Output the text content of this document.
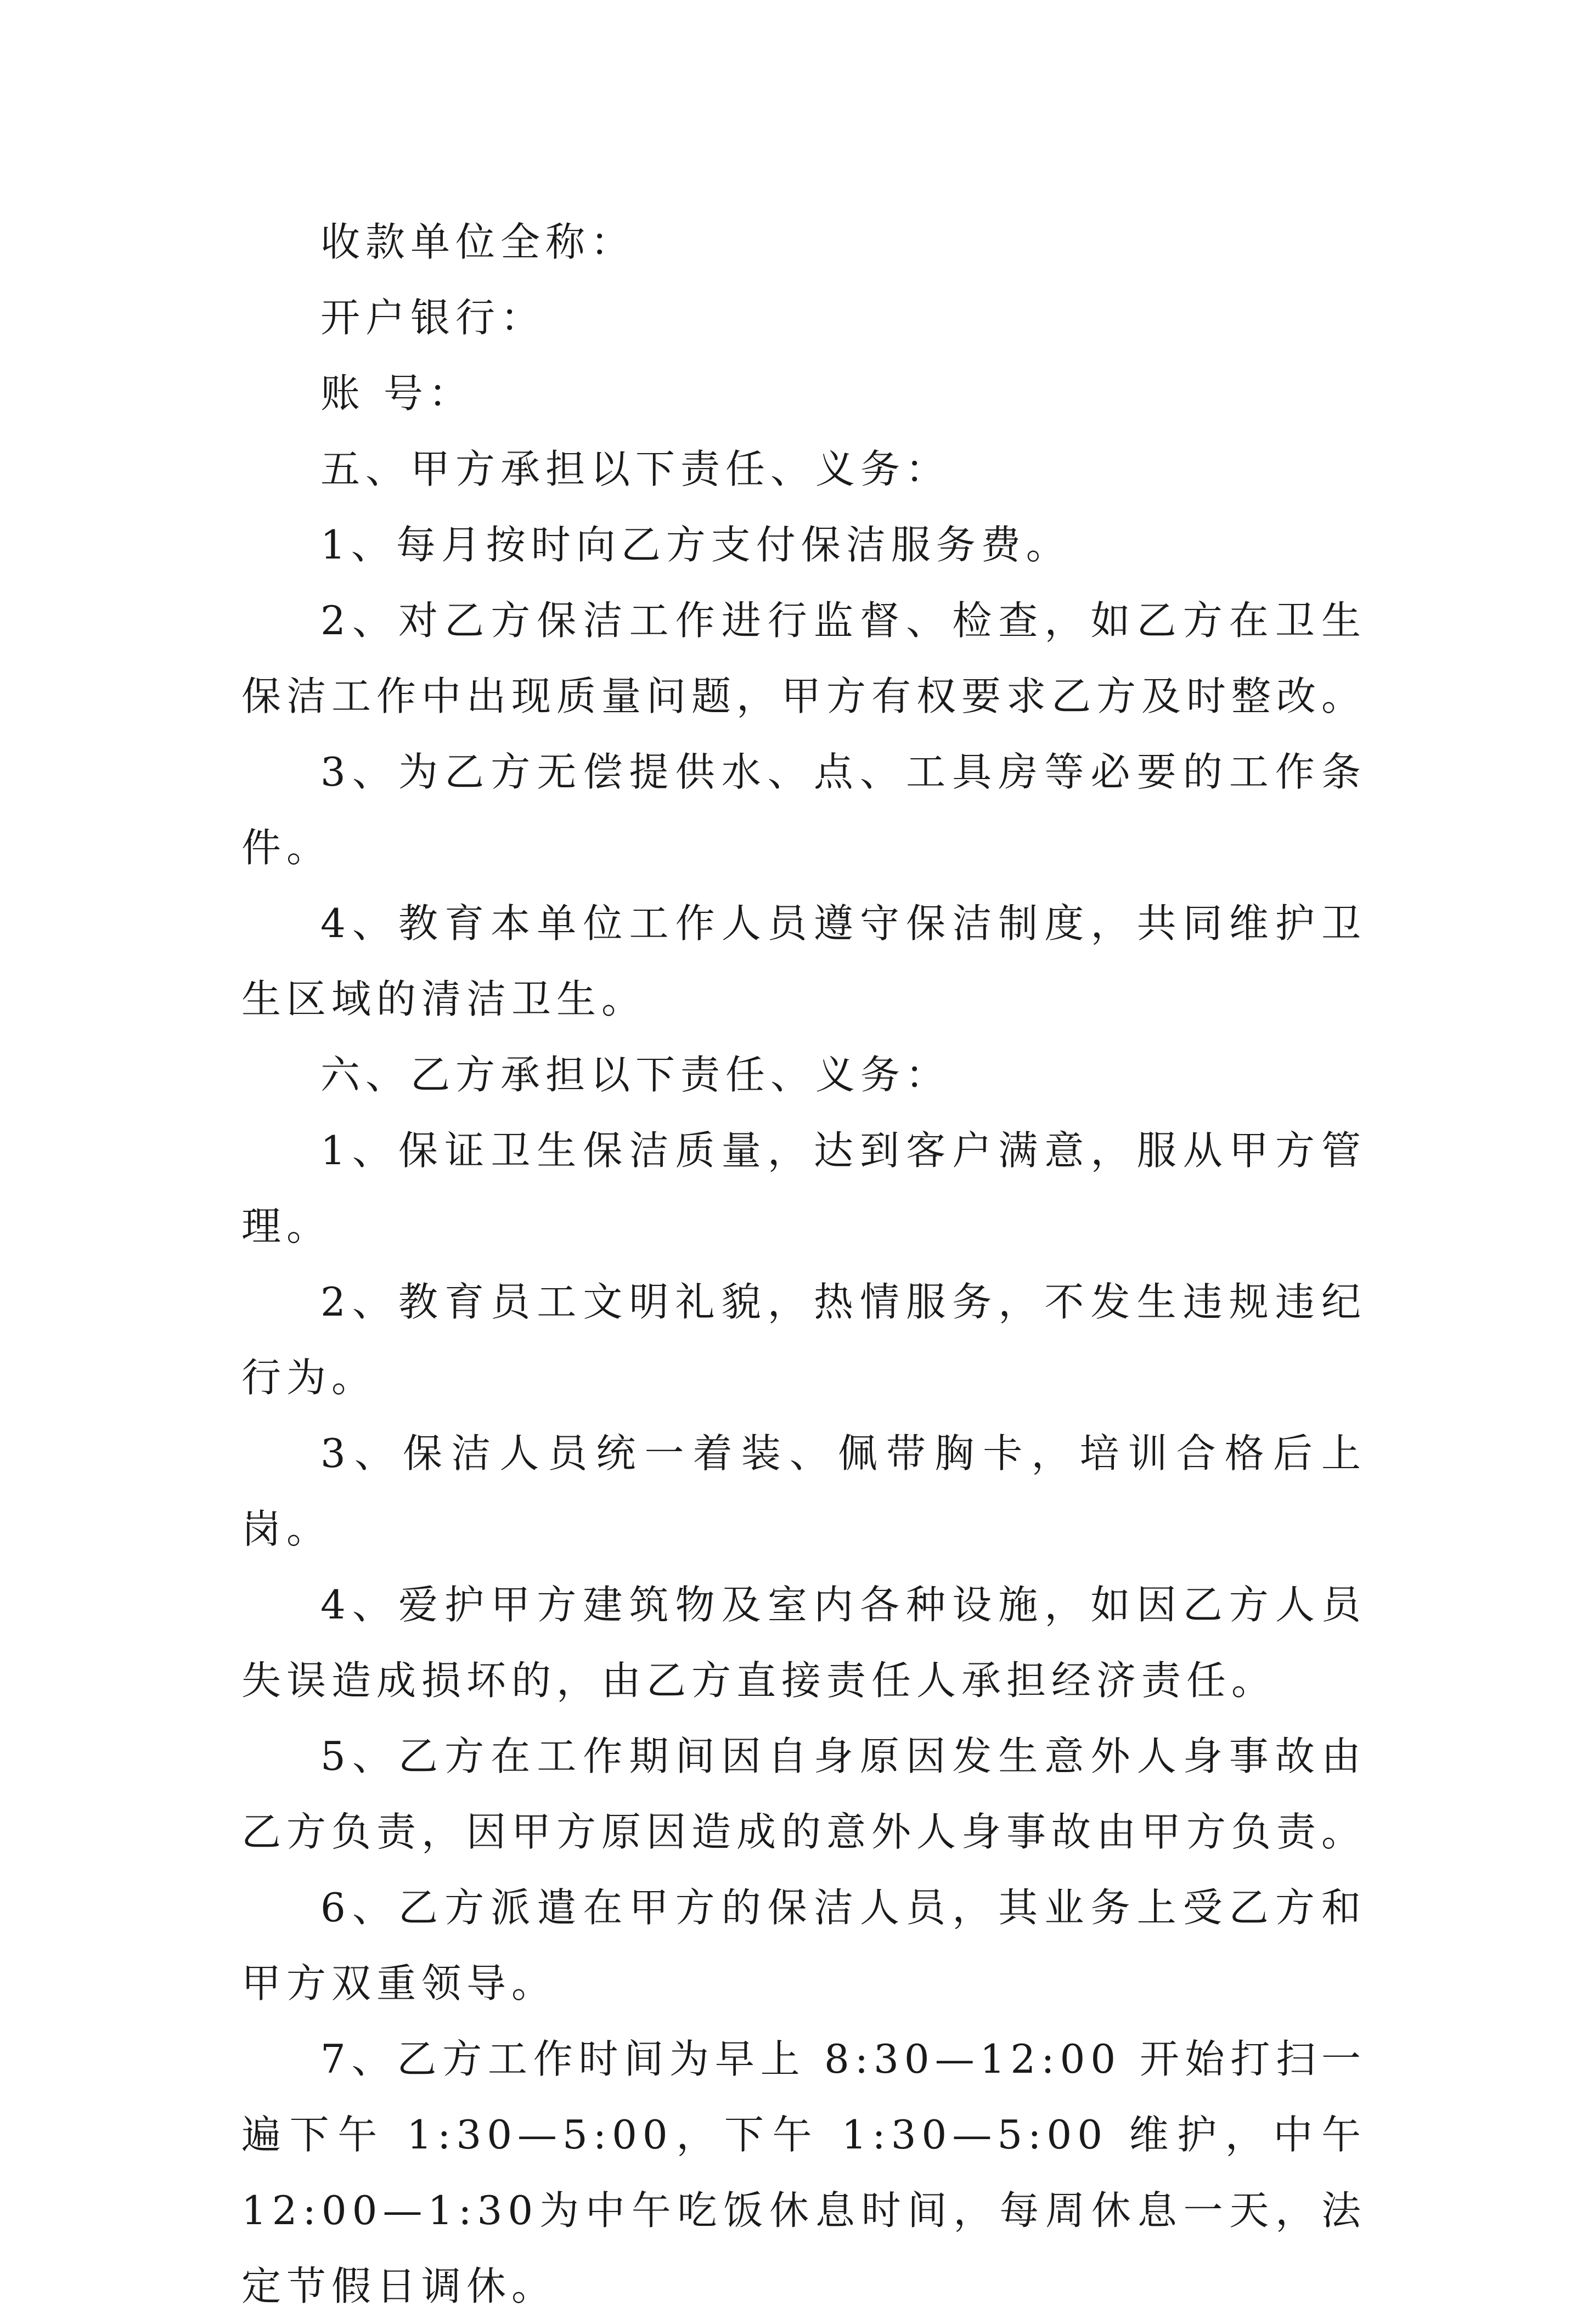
收款单位全称：

开户银行：

账 号：

五、甲方承担以下责任、义务：

1、每月按时向乙方支付保洁服务费。

2、对乙方保洁工作进行监督、检查，如乙方在卫生保洁工作中出现质量问题，甲方有权要求乙方及时整改。

3、为乙方无偿提供水、点、工具房等必要的工作条件。

4、教育本单位工作人员遵守保洁制度，共同维护卫生区域的清洁卫生。

六、乙方承担以下责任、义务：

1、保证卫生保洁质量，达到客户满意，服从甲方管理。

2、教育员工文明礼貌，热情服务，不发生违规违纪行为。

3、保洁人员统一着装、佩带胸卡，培训合格后上岗。

4、爱护甲方建筑物及室内各种设施，如因乙方人员失误造成损坏的，由乙方直接责任人承担经济责任。

5、乙方在工作期间因自身原因发生意外人身事故由乙方负责，因甲方原因造成的意外人身事故由甲方负责。

6、乙方派遣在甲方的保洁人员，其业务上受乙方和甲方双重领导。

7、乙方工作时间为早上 8:30—12:00 开始打扫一遍下午 1:30—5:00，下午 1:30—5:00 维护，中午 12:00—1:30为中午吃饭休息时间，每周休息一天，法定节假日调休。
